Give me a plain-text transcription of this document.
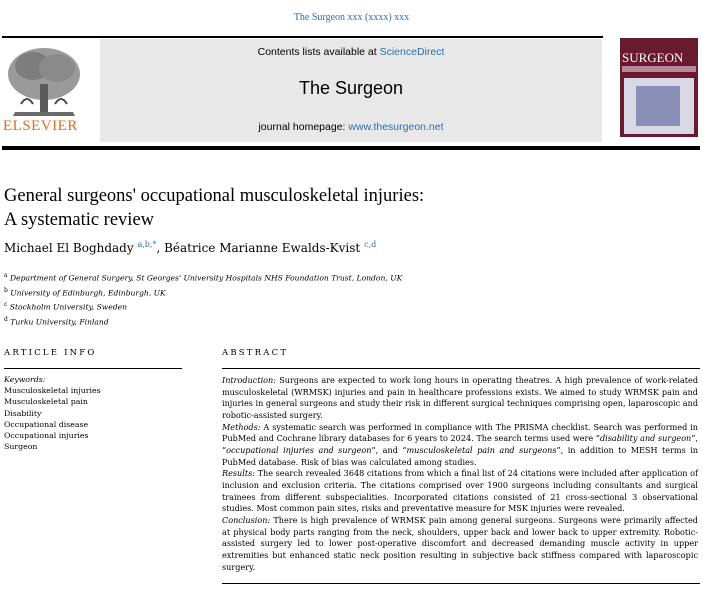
The Surgeon xxx (xxxx) xxx
ELSEVIER
Contents lists available at ScienceDirect
The Surgeon
journal homepage: www.thesurgeon.net
SURGEON
General surgeons' occupational musculoskeletal injuries:
A systematic review
Michael El Boghdady $^{a,b,*}$, Béatrice Marianne Ewalds-Kvist $^{c,d}$
$^a$ Department of General Surgery, St Georges' University Hospitals NHS Foundation Trust, London, UK
$^b$ University of Edinburgh, Edinburgh, UK
$^c$ Stockholm University, Sweden
$^d$ Turku University, Finland
ARTICLE INFO	ABSTRACT
Keywords:
Musculoskeletal injuries
Musculoskeletal pain
Disability
Occupational disease
Occupational injuries
Surgeon

Introduction: Surgeons are expected to work long hours in operating theatres. A high prevalence of work-related musculoskeletal (WRMSK) injuries and pain in healthcare professions exists. We aimed to study WRMSK pain and injuries in general surgeons and study their risk in different surgical techniques comprising open, laparoscopic and robotic-assisted surgery.

Methods: A systematic search was performed in compliance with The PRISMA checklist. Search was performed in PubMed and Cochrane library databases for 6 years to 2024. The search terms used were “disability and surgeon”, “occupational injuries and surgeon”, and “musculoskeletal pain and surgeons”, in addition to MESH terms in PubMed database. Risk of bias was calculated among studies.

Results: The search revealed 3648 citations from which a final list of 24 citations were included after application of inclusion and exclusion criteria. The citations comprised over 1900 surgeons including consultants and surgical trainees from different subspecialities. Incorporated citations consisted of 21 cross-sectional 3 observational studies. Most common pain sites, risks and preventative measure for MSK injuries were revealed.

Conclusion: There is high prevalence of WRMSK pain among general surgeons. Surgeons were primarily affected at physical body parts ranging from the neck, shoulders, upper back and lower back to upper extremity. Robotic-assisted surgery led to lower post-operative discomfort and decreased demanding muscle activity in upper extremities but enhanced static neck position resulting in subjective back stiffness compared with laparoscopic surgery.
